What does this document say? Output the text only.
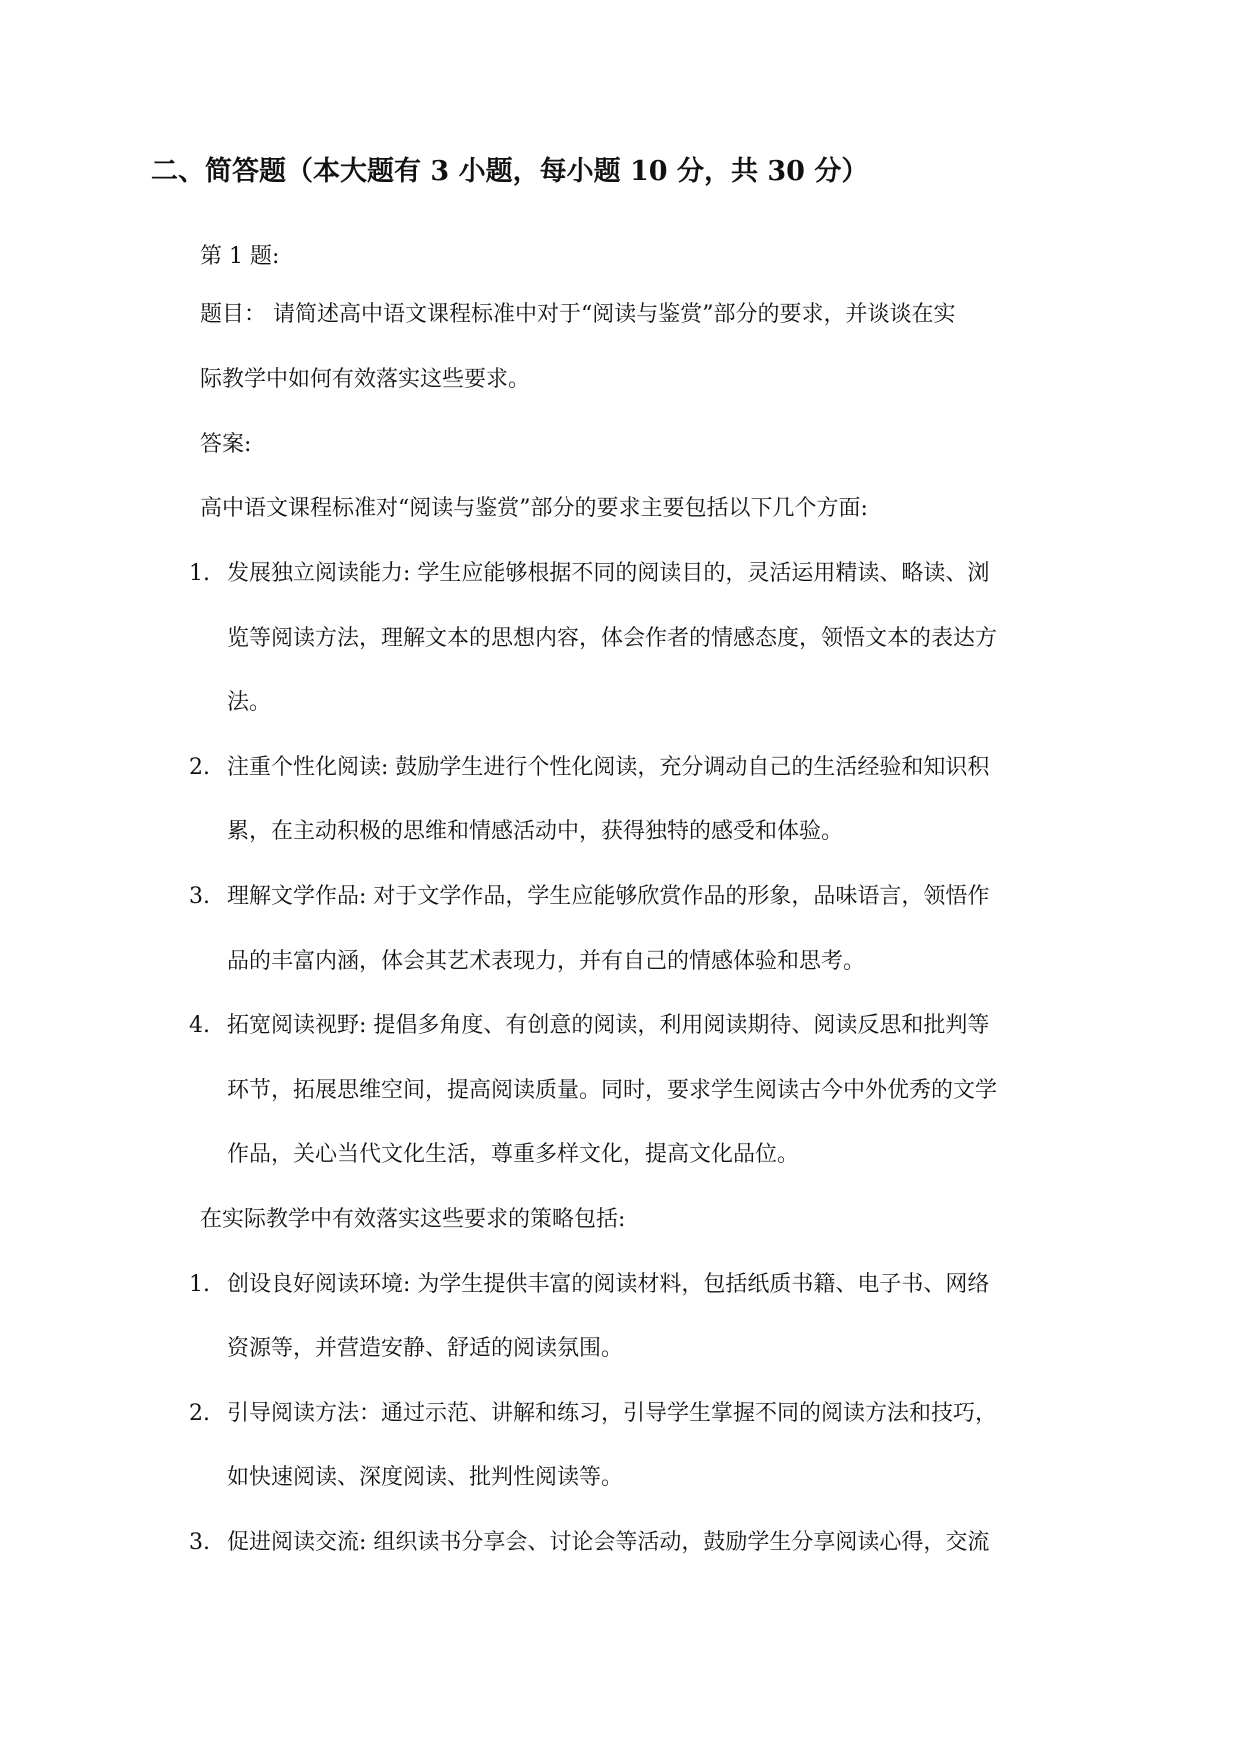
二、简答题（本大题有 3 小题，每小题 10 分，共 30 分）
第 1 题:
题目： 请简述高中语文课程标准中对于“阅读与鉴赏”部分的要求，并谈谈在实
际教学中如何有效落实这些要求。
答案:
高中语文课程标准对“阅读与鉴赏”部分的要求主要包括以下几个方面:
1. 发展独立阅读能力: 学生应能够根据不同的阅读目的，灵活运用精读、略读、浏
览等阅读方法，理解文本的思想内容，体会作者的情感态度，领悟文本的表达方
法。
2. 注重个性化阅读: 鼓励学生进行个性化阅读，充分调动自己的生活经验和知识积
累，在主动积极的思维和情感活动中，获得独特的感受和体验。
3. 理解文学作品: 对于文学作品，学生应能够欣赏作品的形象，品味语言，领悟作
品的丰富内涵，体会其艺术表现力，并有自己的情感体验和思考。
4. 拓宽阅读视野: 提倡多角度、有创意的阅读，利用阅读期待、阅读反思和批判等
环节，拓展思维空间，提高阅读质量。同时，要求学生阅读古今中外优秀的文学
作品，关心当代文化生活，尊重多样文化，提高文化品位。
在实际教学中有效落实这些要求的策略包括:
1. 创设良好阅读环境: 为学生提供丰富的阅读材料，包括纸质书籍、电子书、网络
资源等，并营造安静、舒适的阅读氛围。
2. 引导阅读方法：通过示范、讲解和练习，引导学生掌握不同的阅读方法和技巧，
如快速阅读、深度阅读、批判性阅读等。
3. 促进阅读交流: 组织读书分享会、讨论会等活动，鼓励学生分享阅读心得，交流
